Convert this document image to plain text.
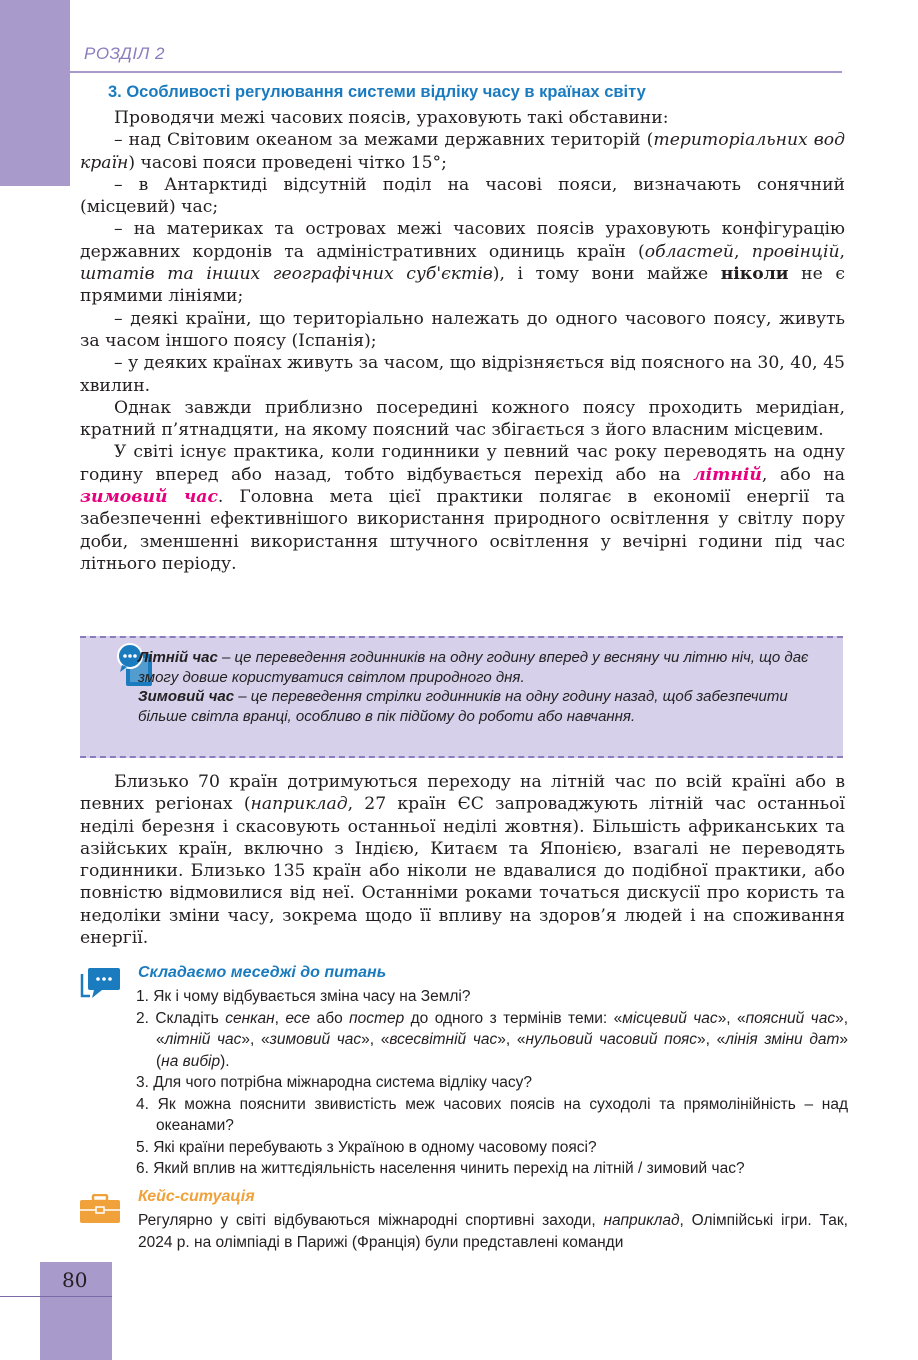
РОЗДІЛ 2
3. Особливості регулювання системи відліку часу в країнах світу

Проводячи межі часових поясів, ураховують такі обставини:

– над Світовим океаном за межами державних територій (територіальних вод країн) часові пояси проведені чітко 15°;

– в Антарктиді відсутній поділ на часові пояси, визначають сонячний (місцевий) час;

– на материках та островах межі часових поясів ураховують конфігурацію державних кордонів та адміністративних одиниць країн (областей, провінцій, штатів та інших географічних суб'єктів), і тому вони майже ніколи не є прямими лініями;

– деякі країни, що територіально належать до одного часового поясу, живуть за часом іншого поясу (Іспанія);

– у деяких країнах живуть за часом, що відрізняється від поясного на 30, 40, 45 хвилин.

Однак завжди приблизно посередині кожного поясу проходить меридіан, кратний п’ятнадцяти, на якому поясний час збігається з його власним місцевим.

У світі існує практика, коли годинники у певний час року переводять на одну годину вперед або назад, тобто відбувається перехід або на літній, або на зимовий час. Головна мета цієї практики полягає в економії енергії та забезпеченні ефективнішого використання природного освітлення у світлу пору доби, зменшенні використання штучного освітлення у вечірні години під час літнього періоду.

Літній час – це переведення годинників на одну годину вперед у весняну чи літню ніч, що дає змогу довше користуватися світлом природного дня.
Зимовий час – це переведення стрілки годинників на одну годину назад, щоб забезпечити більше світла вранці, особливо в пік підйому до роботи або навчання.

Близько 70 країн дотримуються переходу на літній час по всій країні або в певних регіонах (наприклад, 27 країн ЄС запроваджують літній час останньої неділі березня і скасовують останньої неділі жовтня). Більшість африканських та азійських країн, включно з Індією, Китаєм та Японією, взагалі не переводять годинники. Близько 135 країн або ніколи не вдавалися до подібної практики, або повністю відмовилися від неї. Останніми роками точаться дискусії про користь та недоліки зміни часу, зокрема щодо її впливу на здоров’я людей і на споживання енергії.

Складаємо меседжі до питань
1. Як і чому відбувається зміна часу на Землі?
2. Складіть сенкан, есе або постер до одного з термінів теми: «місцевий час», «поясний час», «літній час», «зимовий час», «всесвітній час», «нульовий часовий пояс», «лінія зміни дат» (на вибір).
3. Для чого потрібна міжнародна система відліку часу?
4. Як можна пояснити звивистість меж часових поясів на суходолі та прямолінійність – над океанами?
5. Які країни перебувають з Україною в одному часовому поясі?
6. Який вплив на життєдіяльність населення чинить перехід на літній / зимовий час?
Кейс-ситуація
Регулярно у світі відбуваються міжнародні спортивні заходи, наприклад, Олімпійські ігри. Так, 2024 р. на олімпіаді в Парижі (Франція) були представлені команди
80
